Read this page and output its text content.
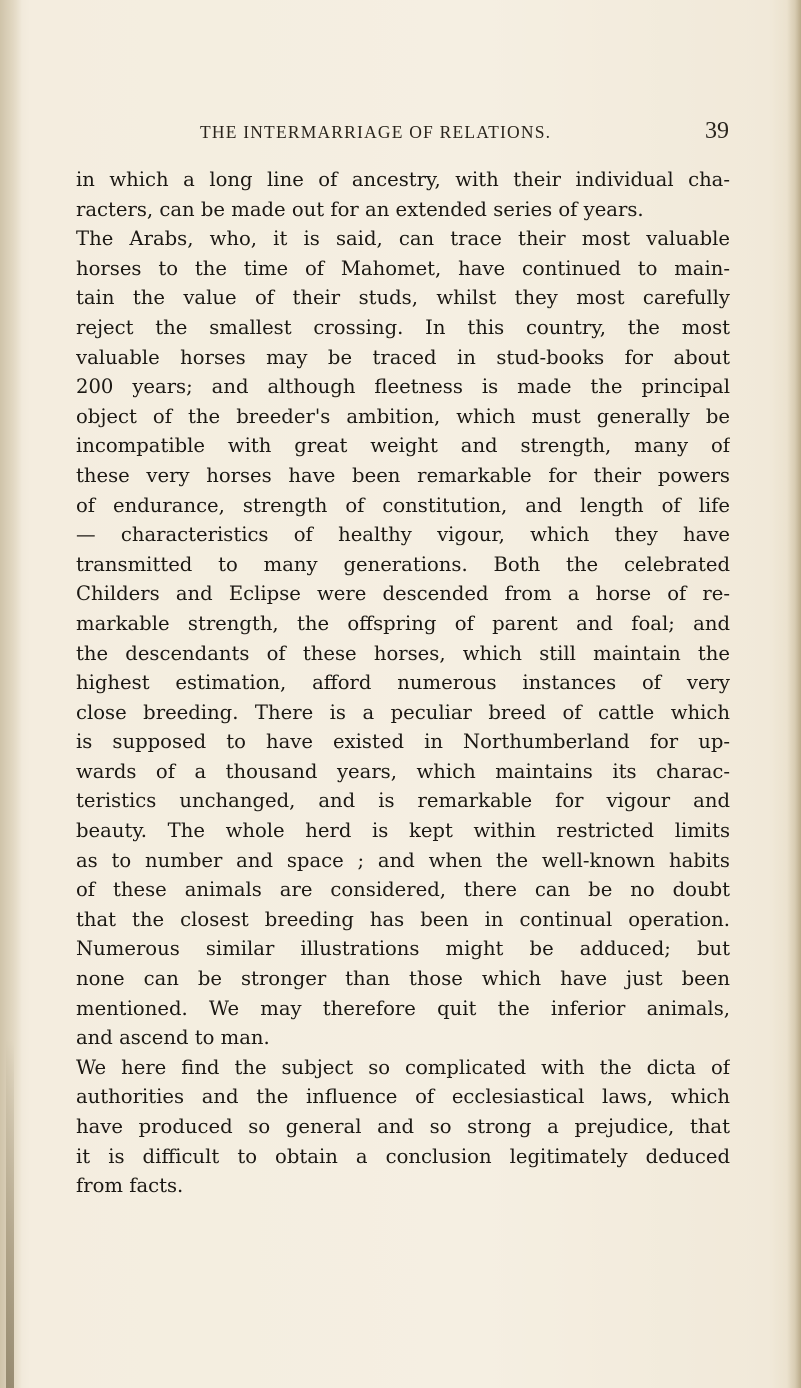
THE INTERMARRIAGE OF RELATIONS.	39
in which a long line of ancestry, with their individual cha-
racters, can be made out for an extended series of years.
The Arabs, who, it is said, can trace their most valuable
horses to the time of Mahomet, have continued to main-
tain the value of their studs, whilst they most carefully
reject the smallest crossing. In this country, the most
valuable horses may be traced in stud-books for about
200 years; and although fleetness is made the principal
object of the breeder's ambition, which must generally be
incompatible with great weight and strength, many of
these very horses have been remarkable for their powers
of endurance, strength of constitution, and length of life
— characteristics of healthy vigour, which they have
transmitted to many generations. Both the celebrated
Childers and Eclipse were descended from a horse of re-
markable strength, the offspring of parent and foal; and
the descendants of these horses, which still maintain the
highest estimation, afford numerous instances of very
close breeding. There is a peculiar breed of cattle which
is supposed to have existed in Northumberland for up-
wards of a thousand years, which maintains its charac-
teristics unchanged, and is remarkable for vigour and
beauty. The whole herd is kept within restricted limits
as to number and space ; and when the well-known habits
of these animals are considered, there can be no doubt
that the closest breeding has been in continual operation.
Numerous similar illustrations might be adduced; but
none can be stronger than those which have just been
mentioned. We may therefore quit the inferior animals,
and ascend to man.
We here find the subject so complicated with the dicta of
authorities and the influence of ecclesiastical laws, which
have produced so general and so strong a prejudice, that
it is difficult to obtain a conclusion legitimately deduced
from facts.
